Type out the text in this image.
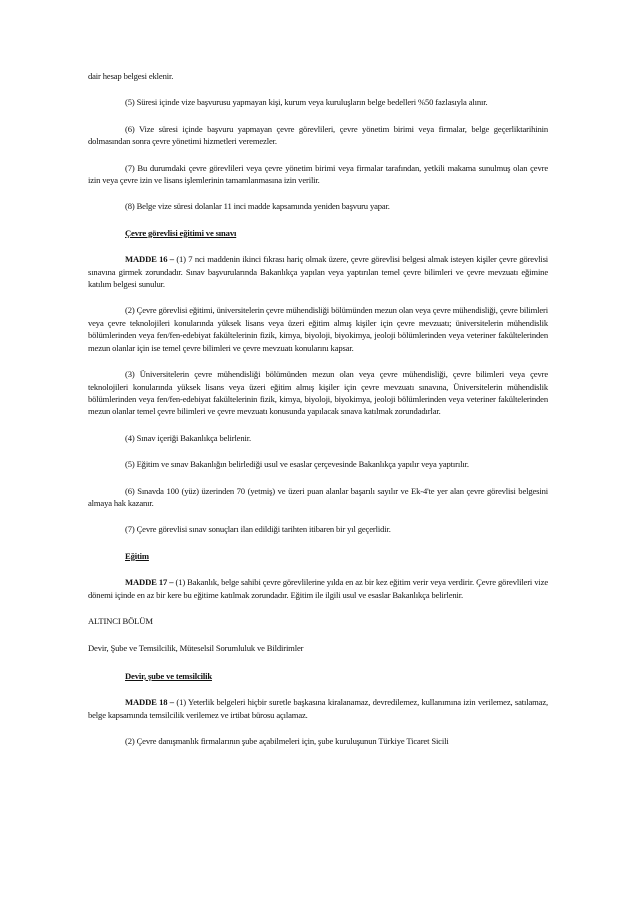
dair hesap belgesi eklenir.

(5) Süresi içinde vize başvurusu yapmayan kişi, kurum veya kuruluşların belge bedelleri %50 fazlasıyla alınır.

(6) Vize süresi içinde başvuru yapmayan çevre görevlileri, çevre yönetim birimi veya firmalar, belge geçerliktarihinin dolmasından sonra çevre yönetimi hizmetleri veremezler.

(7) Bu durumdaki çevre görevlileri veya çevre yönetim birimi veya firmalar tarafından, yetkili makama sunulmuş olan çevre izin veya çevre izin ve lisans işlemlerinin tamamlanmasına izin verilir.

(8) Belge vize süresi dolanlar 11 inci madde kapsamında yeniden başvuru yapar.

Çevre görevlisi eğitimi ve sınavı

MADDE 16 – (1) 7 nci maddenin ikinci fıkrası hariç olmak üzere, çevre görevlisi belgesi almak isteyen kişiler çevre görevlisi sınavına girmek zorundadır. Sınav başvurularında Bakanlıkça yapılan veya yaptırılan temel çevre bilimleri ve çevre mevzuatı eğimine katılım belgesi sunulur.

(2) Çevre görevlisi eğitimi, üniversitelerin çevre mühendisliği bölümünden mezun olan veya çevre mühendisliği, çevre bilimleri veya çevre teknolojileri konularında yüksek lisans veya üzeri eğitim almış kişiler için çevre mevzuatı; üniversitelerin mühendislik bölümlerinden veya fen/fen-edebiyat fakültelerinin fizik, kimya, biyoloji, biyokimya, jeoloji bölümlerinden veya veteriner fakültelerinden mezun olanlar için ise temel çevre bilimleri ve çevre mevzuatı konularını kapsar.

(3) Üniversitelerin çevre mühendisliği bölümünden mezun olan veya çevre mühendisliği, çevre bilimleri veya çevre teknolojileri konularında yüksek lisans veya üzeri eğitim almış kişiler için çevre mevzuatı sınavına, Üniversitelerin mühendislik bölümlerinden veya fen/fen-edebiyat fakültelerinin fizik, kimya, biyoloji, biyokimya, jeoloji bölümlerinden veya veteriner fakültelerinden mezun olanlar temel çevre bilimleri ve çevre mevzuatı konusunda yapılacak sınava katılmak zorundadırlar.

(4) Sınav içeriği Bakanlıkça belirlenir.

(5) Eğitim ve sınav Bakanlığın belirlediği usul ve esaslar çerçevesinde Bakanlıkça yapılır veya yaptırılır.

(6) Sınavda 100 (yüz) üzerinden 70 (yetmiş) ve üzeri puan alanlar başarılı sayılır ve Ek-4'te yer alan çevre görevlisi belgesini almaya hak kazanır.

(7) Çevre görevlisi sınav sonuçları ilan edildiği tarihten itibaren bir yıl geçerlidir.

Eğitim

MADDE 17 – (1) Bakanlık, belge sahibi çevre görevlilerine yılda en az bir kez eğitim verir veya verdirir. Çevre görevlileri vize dönemi içinde en az bir kere bu eğitime katılmak zorundadır. Eğitim ile ilgili usul ve esaslar Bakanlıkça belirlenir.

ALTINCI BÖLÜM

Devir, Şube ve Temsilcilik, Müteselsil Sorumluluk ve Bildirimler

Devir, şube ve temsilcilik

MADDE 18 – (1) Yeterlik belgeleri hiçbir suretle başkasına kiralanamaz, devredilemez, kullanımına izin verilemez, satılamaz, belge kapsamında temsilcilik verilemez ve irtibat bürosu açılamaz.

(2) Çevre danışmanlık firmalarının şube açabilmeleri için, şube kuruluşunun Türkiye Ticaret Sicili
